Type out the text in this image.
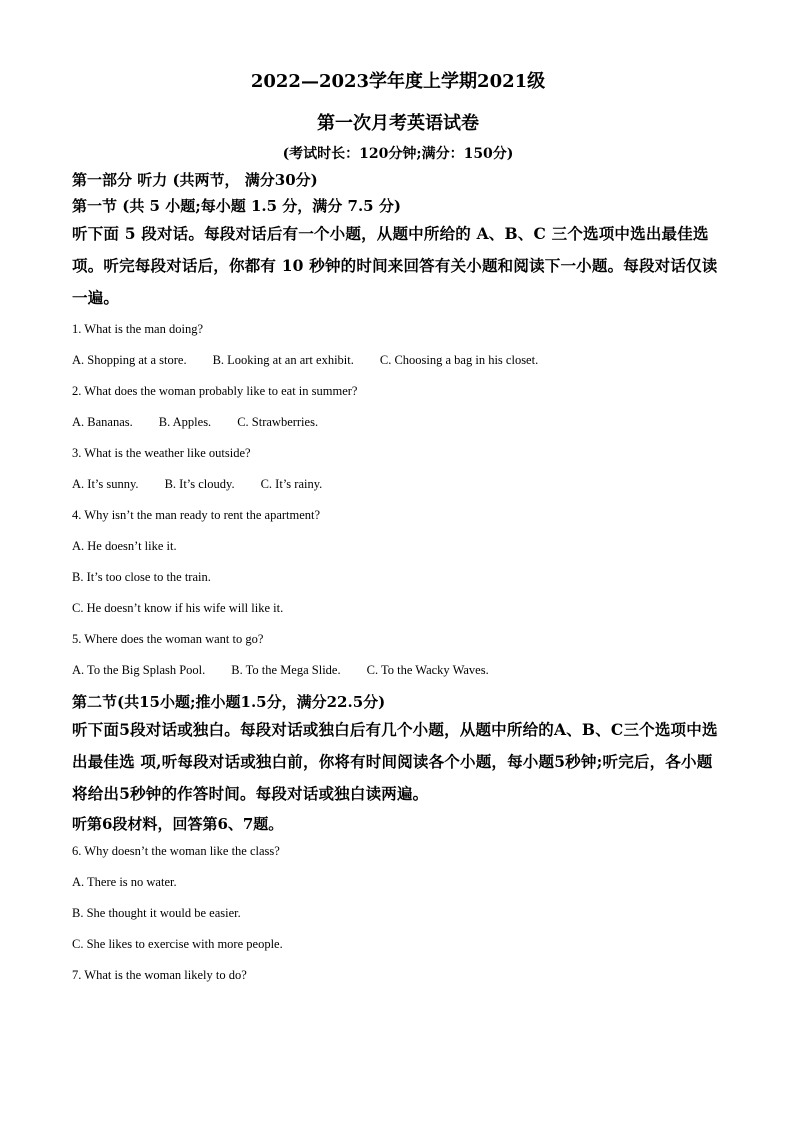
2022—2023学年度上学期2021级
第一次月考英语试卷
(考试时长：120分钟;满分：150分)
第一部分 听力 (共两节， 满分30分)
第一节 (共 5 小题;每小题 1.5 分，满分 7.5 分)
听下面 5 段对话。每段对话后有一个小题，从题中所给的 A、B、C 三个选项中选出最佳选项。听完每段对话后，你都有 10 秒钟的时间来回答有关小题和阅读下一小题。每段对话仅读一遍。
1. What is the man doing?
A. Shopping at a store. B. Looking at an art exhibit. C. Choosing a bag in his closet.
2. What does the woman probably like to eat in summer?
A. Bananas. B. Apples. C. Strawberries.
3. What is the weather like outside?
A. It’s sunny. B. It’s cloudy. C. It’s rainy.
4. Why isn’t the man ready to rent the apartment?
A. He doesn’t like it.
B. It’s too close to the train.
C. He doesn’t know if his wife will like it.
5. Where does the woman want to go?
A. To the Big Splash Pool. B. To the Mega Slide. C. To the Wacky Waves.
第二节(共15小题;推小题1.5分，满分22.5分)
听下面5段对话或独白。每段对话或独白后有几个小题，从题中所给的A、B、C三个选项中选出最佳选 项,听每段对话或独白前，你将有时间阅读各个小题，每小题5秒钟;听完后，各小题将给出5秒钟的作答时间。每段对话或独白读两遍。
听第6段材料，回答第6、7题。
6. Why doesn’t the woman like the class?
A. There is no water.
B. She thought it would be easier.
C. She likes to exercise with more people.
7. What is the woman likely to do?
